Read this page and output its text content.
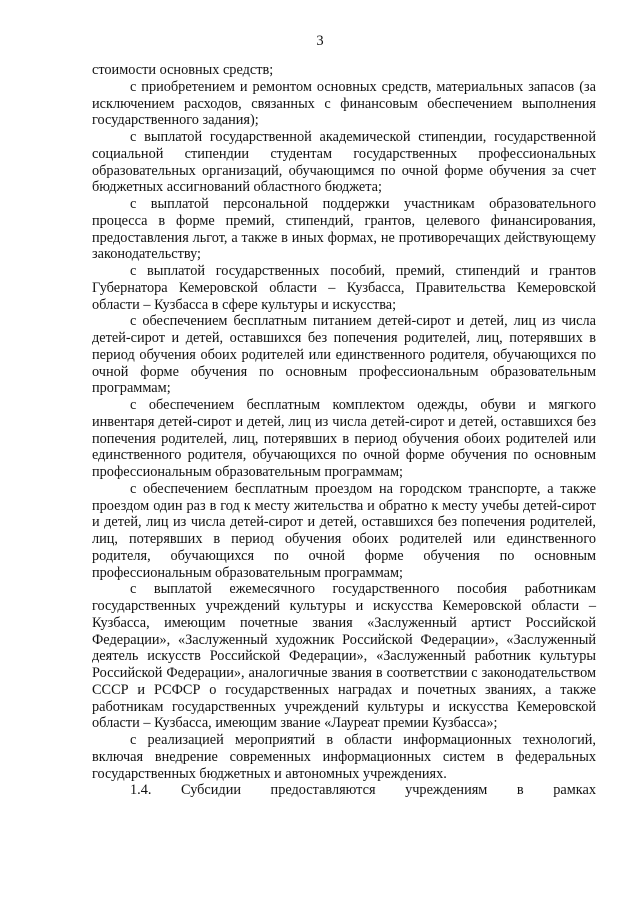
3

стоимости основных средств;

с приобретением и ремонтом основных средств, материальных запасов (за исключением расходов, связанных с финансовым обеспечением выполнения государственного задания);

с выплатой государственной академической стипендии, государственной социальной стипендии студентам государственных профессиональных образовательных организаций, обучающимся по очной форме обучения за счет бюджетных ассигнований областного бюджета;

с выплатой персональной поддержки участникам образовательного процесса в форме премий, стипендий, грантов, целевого финансирования, предоставления льгот, а также в иных формах, не противоречащих действующему законодательству;

с выплатой государственных пособий, премий, стипендий и грантов Губернатора Кемеровской области – Кузбасса, Правительства Кемеровской области – Кузбасса в сфере культуры и искусства;

с обеспечением бесплатным питанием детей-сирот и детей, лиц из числа детей-сирот и детей, оставшихся без попечения родителей, лиц, потерявших в период обучения обоих родителей или единственного родителя, обучающихся по очной форме обучения по основным профессиональным образовательным программам;

с обеспечением бесплатным комплектом одежды, обуви и мягкого инвентаря детей-сирот и детей, лиц из числа детей-сирот и детей, оставшихся без попечения родителей, лиц, потерявших в период обучения обоих родителей или единственного родителя, обучающихся по очной форме обучения по основным профессиональным образовательным программам;

с обеспечением бесплатным проездом на городском транспорте, а также проездом один раз в год к месту жительства и обратно к месту учебы детей-сирот и детей, лиц из числа детей-сирот и детей, оставшихся без попечения родителей, лиц, потерявших в период обучения обоих родителей или единственного родителя, обучающихся по очной форме обучения по основным профессиональным образовательным программам;

с выплатой ежемесячного государственного пособия работникам государственных учреждений культуры и искусства Кемеровской области – Кузбасса, имеющим почетные звания «Заслуженный артист Российской Федерации», «Заслуженный художник Российской Федерации», «Заслуженный деятель искусств Российской Федерации», «Заслуженный работник культуры Российской Федерации», аналогичные звания в соответствии с законодательством СССР и РСФСР о государственных наградах и почетных званиях, а также работникам государственных учреждений культуры и искусства Кемеровской области – Кузбасса, имеющим звание «Лауреат премии Кузбасса»;

с реализацией мероприятий в области информационных технологий, включая внедрение современных информационных систем в федеральных государственных бюджетных и автономных учреждениях.

1.4. Субсидии предоставляются учреждениям в рамках
